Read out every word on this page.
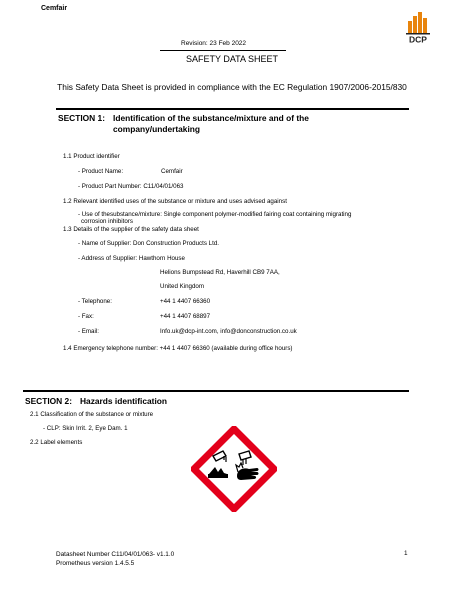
Cemfair
DCP
Revision: 23 Feb 2022
SAFETY DATA SHEET
This Safety Data Sheet is provided in compliance with the EC Regulation 1907/2006-2015/830
SECTION 1: Identification of the substance/mixture and of the
company/undertaking
1.1 Product identifier
- Product Name:	Cemfair
- Product Part Number: C11/04/01/063
1.2 Relevant identified uses of the substance or mixture and uses advised against
- Use of thesubstance/mixture: Single component polymer-modified fairing coat containing migrating
corrosion inhibitors
1.3 Details of the supplier of the safety data sheet
- Name of Supplier: Don Construction Products Ltd.
- Address of Supplier: Hawthorn House
Helions Bumpstead Rd, Haverhill CB9 7AA,
United Kingdom
- Telephone:	+44 1 4407 66360
- Fax:	+44 1 4407 68897
- Email:	Info.uk@dcp-int.com, info@donconstruction.co.uk
1.4 Emergency telephone number: +44 1 4407 66360 (available during office hours)
SECTION 2: Hazards identification
2.1 Classification of the substance or mixture
- CLP: Skin Irrit. 2, Eye Dam. 1
2.2 Label elements
Datasheet Number C11/04/01/063- v1.1.0
Prometheus version 1.4.5.5
1
